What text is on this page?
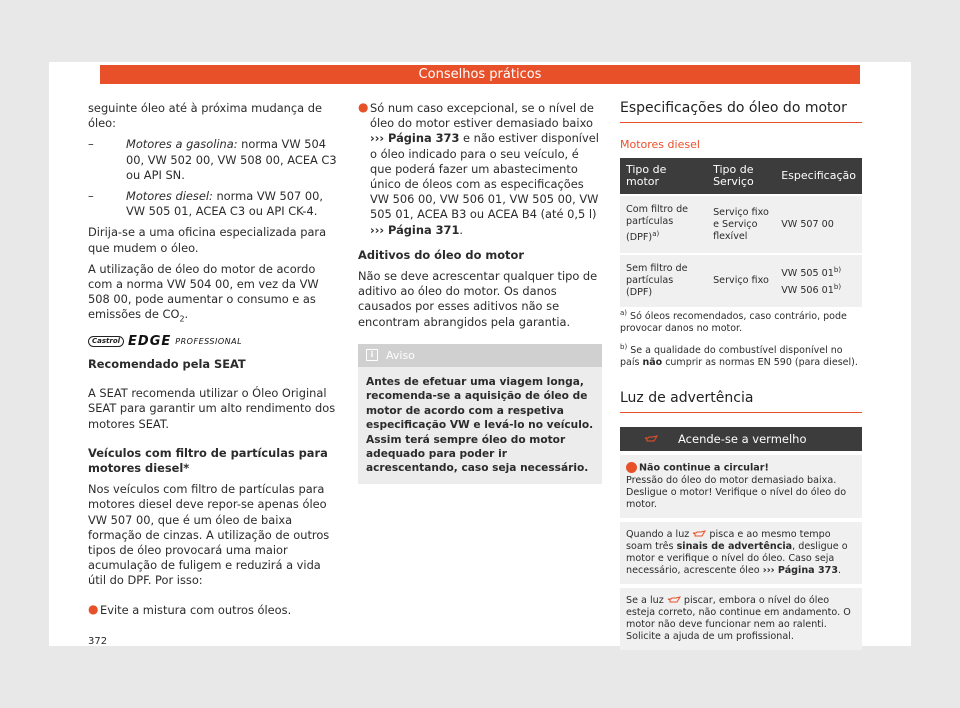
Conselhos práticos

seguinte óleo até à próxima mudança de óleo:

–	Motores a gasolina: norma VW 504 00, VW 502 00, VW 508 00, ACEA C3 ou API SN.
–	Motores diesel: norma VW 507 00, VW 505 01, ACEA C3 ou API CK-4.

Dirija-se a uma oficina especializada para que mudem o óleo.

A utilização de óleo do motor de acordo com a norma VW 504 00, em vez da VW 508 00, pode aumentar o consumo e as emissões de $CO_2$.

Castrol EDGE PROFESSIONAL

Recomendado pela SEAT

A SEAT recomenda utilizar o Óleo Original SEAT para garantir um alto rendimento dos motores SEAT.

Veículos com filtro de partículas para motores diesel*

Nos veículos com filtro de partículas para motores diesel deve repor-se apenas óleo VW 507 00, que é um óleo de baixa formação de cinzas. A utilização de outros tipos de óleo provocará uma maior acumulação de fuligem e reduzirá a vida útil do DPF. Por isso:

● Evite a mistura com outros óleos.
● Só num caso excepcional, se o nível de óleo do motor estiver demasiado baixo ››› Página 373 e não estiver disponível o óleo indicado para o seu veículo, é que poderá fazer um abastecimento único de óleos com as especificações VW 506 00, VW 506 01, VW 505 00, VW 505 01, ACEA B3 ou ACEA B4 (até 0,5 l) ››› Página 371.

Aditivos do óleo do motor

Não se deve acrescentar qualquer tipo de aditivo ao óleo do motor. Os danos causados por esses aditivos não se encontram abrangidos pela garantia.

i	Aviso
Antes de efetuar uma viagem longa, recomenda-se a aquisição de óleo de motor de acordo com a respetiva especificação VW e levá-lo no veículo. Assim terá sempre óleo do motor adequado para poder ir acrescentando, caso seja necessário.
Especificações do óleo do motor
Motores diesel
Tipo de motor	Tipo de Serviço	Especificação
Com filtro de partículas (DPF)$^{a)}$	Serviço fixo e Serviço flexível	VW 507 00
Sem filtro de partículas (DPF)	Serviço fixo	VW 505 01$^{b)}$
VW 506 01$^{b)}$

$^{a)}$ Só óleos recomendados, caso contrário, pode provocar danos no motor.

$^{b)}$ Se a qualidade do combustível disponível no país não cumprir as normas EN 590 (para diesel).

Luz de advertência
Acende-se a vermelho
Não continue a circular!
Pressão do óleo do motor demasiado baixa. Desligue o motor! Verifique o nível do óleo do motor.
Quando a luz  pisca e ao mesmo tempo soam três sinais de advertência, desligue o motor e verifique o nível do óleo. Caso seja necessário, acrescente óleo ››› Página 373.
Se a luz  piscar, embora o nível do óleo esteja correto, não continue em andamento. O motor não deve funcionar nem ao ralenti. Solicite a ajuda de um profissional.
372
